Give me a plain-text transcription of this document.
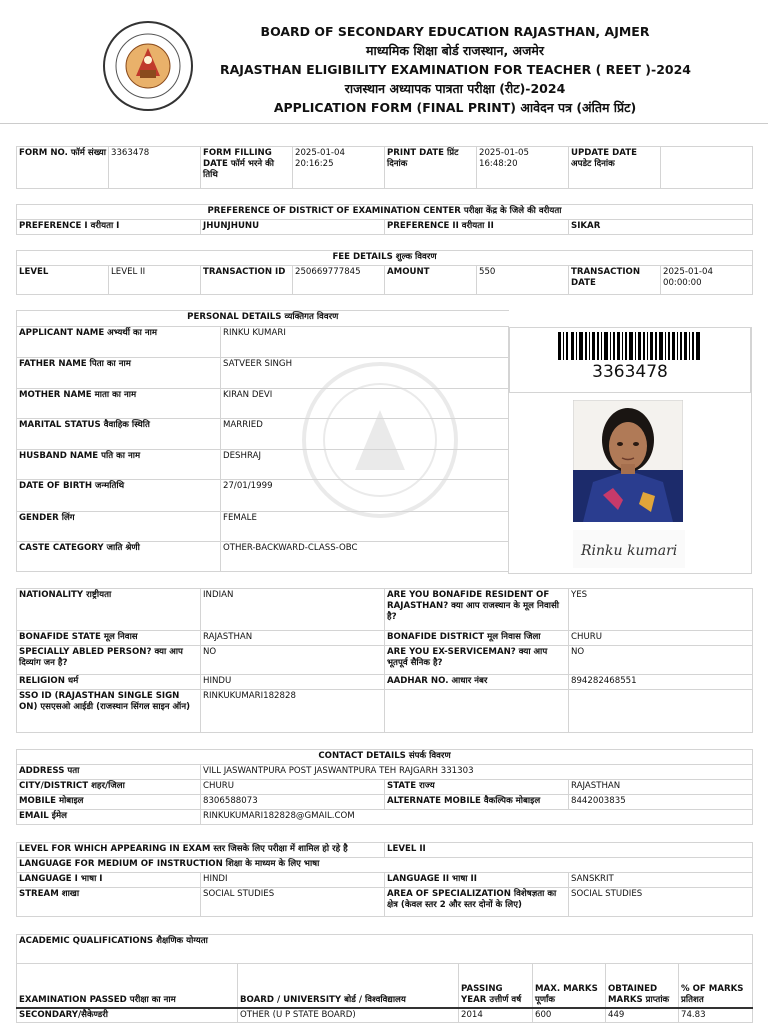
BOARD OF SECONDARY EDUCATION RAJASTHAN, AJMER
माध्यमिक शिक्षा बोर्ड राजस्थान, अजमेर
RAJASTHAN ELIGIBILITY EXAMINATION FOR TEACHER ( REET )-2024
राजस्थान अध्यापक पात्रता परीक्षा (रीट)-2024
APPLICATION FORM (FINAL PRINT) आवेदन पत्र (अंतिम प्रिंट)
FORM NO. फॉर्म संख्या	3363478	FORM FILLING DATE फॉर्म भरने की तिथि	2025-01-04 20:16:25	PRINT DATE प्रिंट दिनांक	2025-01-05 16:48:20	UPDATE DATE अपडेट दिनांक	
PREFERENCE OF DISTRICT OF EXAMINATION CENTER परीक्षा केंद्र के जिले की वरीयता
PREFERENCE I वरीयता I	JHUNJHUNU	PREFERENCE II वरीयता II	SIKAR
FEE DETAILS शुल्क विवरण
LEVEL	LEVEL II	TRANSACTION ID	250669777845	AMOUNT	550	TRANSACTION DATE	2025-01-04 00:00:00
PERSONAL DETAILS व्यक्तिगत विवरण	
APPLICANT NAME अभ्यर्थी का नाम	RINKU KUMARI
FATHER NAME पिता का नाम	SATVEER SINGH
MOTHER NAME माता का नाम	KIRAN DEVI
MARITAL STATUS वैवाहिक स्थिति	MARRIED
HUSBAND NAME पति का नाम	DESHRAJ
DATE OF BIRTH जन्मतिथि	27/01/1999
GENDER लिंग	FEMALE
CASTE CATEGORY जाति श्रेणी	OTHER-BACKWARD-CLASS-OBC
3363478
Rinku kumari
NATIONALITY राष्ट्रीयता	INDIAN	ARE YOU BONAFIDE RESIDENT OF RAJASTHAN? क्या आप राजस्थान के मूल निवासी है?	YES
BONAFIDE STATE मूल निवास	RAJASTHAN	BONAFIDE DISTRICT मूल निवास जिला	CHURU
SPECIALLY ABLED PERSON? क्या आप दिव्यांग जन है?	NO	ARE YOU EX-SERVICEMAN? क्या आप भूतपूर्व सैनिक है?	NO
RELIGION धर्म	HINDU	AADHAR NO. आधार नंबर	894282468551
SSO ID (RAJASTHAN SINGLE SIGN ON) एसएसओ आईडी (राजस्थान सिंगल साइन ऑन)	RINKUKUMARI182828		
CONTACT DETAILS संपर्क विवरण			
ADDRESS पता	VILL JASWANTPURA POST JASWANTPURA TEH RAJGARH 331303		
CITY/DISTRICT शहर/जिला	CHURU	STATE राज्य	RAJASTHAN
MOBILE मोबाइल	8306588073	ALTERNATE MOBILE वैकल्पिक मोबाइल	8442003835
EMAIL ईमेल	RINKUKUMARI182828@GMAIL.COM		
LEVEL FOR WHICH APPEARING IN EXAM स्तर जिसके लिए परीक्षा में शामिल हो रहे है		LEVEL II	
LANGUAGE FOR MEDIUM OF INSTRUCTION शिक्षा के माध्यम के लिए भाषा			
LANGUAGE I भाषा I	HINDI	LANGUAGE II भाषा II	SANSKRIT
STREAM शाखा	SOCIAL STUDIES	AREA OF SPECIALIZATION विशेषज्ञता का क्षेत्र (केवल स्तर 2 और स्तर दोनों के लिए)	SOCIAL STUDIES
ACADEMIC QUALIFICATIONS शैक्षणिक योग्यता					
EXAMINATION PASSED परीक्षा का नाम	BOARD / UNIVERSITY बोर्ड / विश्वविद्यालय	PASSING YEAR उत्तीर्ण वर्ष	MAX. MARKS पूर्णांक	OBTAINED MARKS प्राप्तांक	% OF MARKS प्रतिशत
SECONDARY/सैकेण्डरी	OTHER (U P STATE BOARD)	2014	600	449	74.83
